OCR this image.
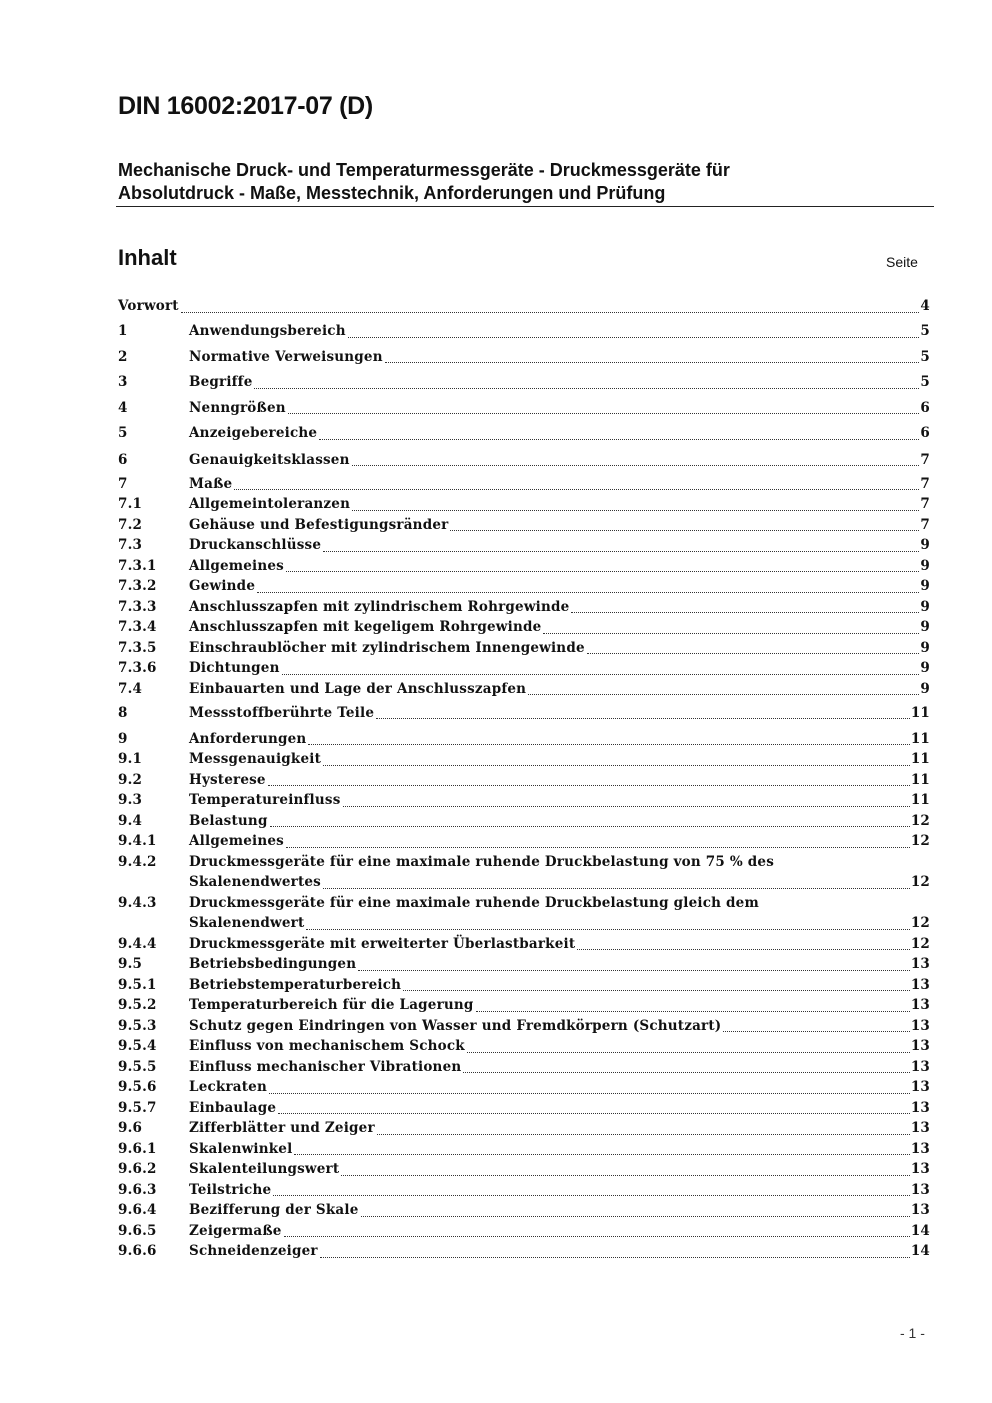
DIN 16002:2017-07 (D)

Mechanische Druck- und Temperaturmessgeräte - Druckmessgeräte für Absolutdruck - Maße, Messtechnik, Anforderungen und Prüfung

Inhalt	Seite
Vorwort	4
1	Anwendungsbereich	5
2	Normative Verweisungen	5
3	Begriffe	5
4	Nenngrößen	6
5	Anzeigebereiche	6
6	Genauigkeitsklassen	7
7	Maße	7
7.1	Allgemeintoleranzen	7
7.2	Gehäuse und Befestigungsränder	7
7.3	Druckanschlüsse	9
7.3.1	Allgemeines	9
7.3.2	Gewinde	9
7.3.3	Anschlusszapfen mit zylindrischem Rohrgewinde	9
7.3.4	Anschlusszapfen mit kegeligem Rohrgewinde	9
7.3.5	Einschraublöcher mit zylindrischem Innengewinde	9
7.3.6	Dichtungen	9
7.4	Einbauarten und Lage der Anschlusszapfen	9
8	Messstoffberührte Teile	11
9	Anforderungen	11
9.1	Messgenauigkeit	11
9.2	Hysterese	11
9.3	Temperatureinfluss	11
9.4	Belastung	12
9.4.1	Allgemeines	12
9.4.2	Druckmessgeräte für eine maximale ruhende Druckbelastung von 75 % des
Skalenendwertes	12
9.4.3	Druckmessgeräte für eine maximale ruhende Druckbelastung gleich dem
Skalenendwert	12
9.4.4	Druckmessgeräte mit erweiterter Überlastbarkeit	12
9.5	Betriebsbedingungen	13
9.5.1	Betriebstemperaturbereich	13
9.5.2	Temperaturbereich für die Lagerung	13
9.5.3	Schutz gegen Eindringen von Wasser und Fremdkörpern (Schutzart)	13
9.5.4	Einfluss von mechanischem Schock	13
9.5.5	Einfluss mechanischer Vibrationen	13
9.5.6	Leckraten	13
9.5.7	Einbaulage	13
9.6	Zifferblätter und Zeiger	13
9.6.1	Skalenwinkel	13
9.6.2	Skalenteilungswert	13
9.6.3	Teilstriche	13
9.6.4	Bezifferung der Skale	13
9.6.5	Zeigermaße	14
9.6.6	Schneidenzeiger	14
- 1 -
